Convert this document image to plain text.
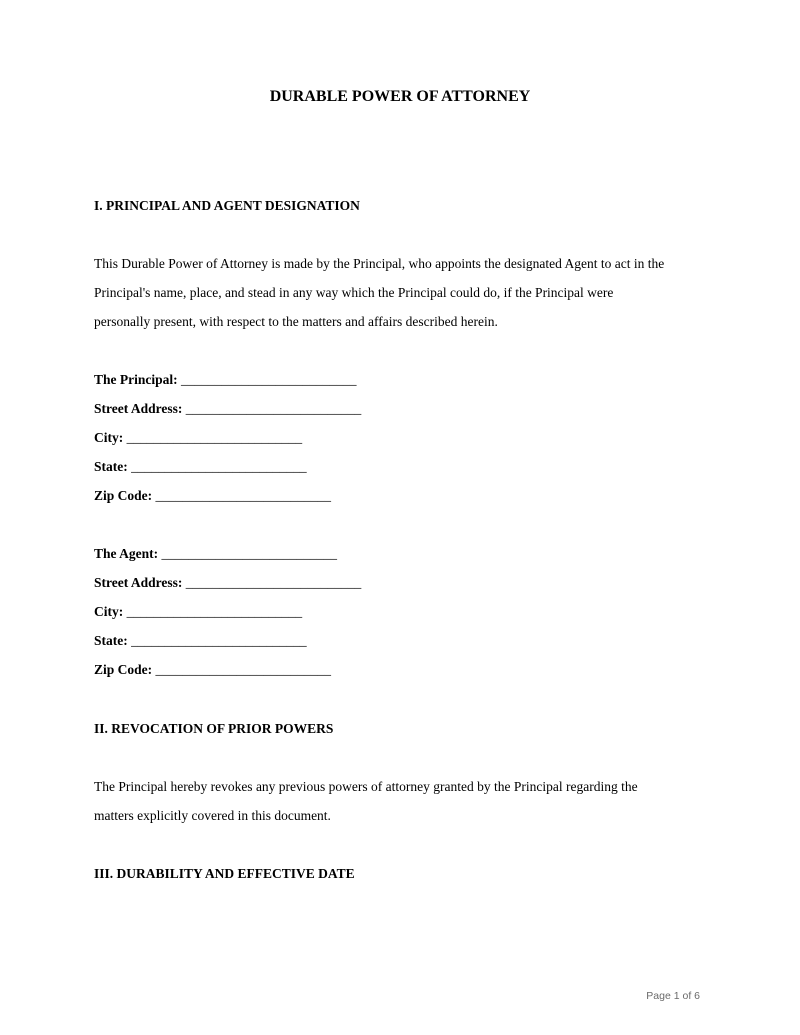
DURABLE POWER OF ATTORNEY
I. PRINCIPAL AND AGENT DESIGNATION
This Durable Power of Attorney is made by the Principal, who appoints the designated Agent to act in the
Principal's name, place, and stead in any way which the Principal could do, if the Principal were
personally present, with respect to the matters and affairs described herein.
The Principal: __________________________
Street Address: __________________________
City: __________________________
State: __________________________
Zip Code: __________________________
The Agent: __________________________
Street Address: __________________________
City: __________________________
State: __________________________
Zip Code: __________________________
II. REVOCATION OF PRIOR POWERS
The Principal hereby revokes any previous powers of attorney granted by the Principal regarding the
matters explicitly covered in this document.
III. DURABILITY AND EFFECTIVE DATE
Page 1 of 6
